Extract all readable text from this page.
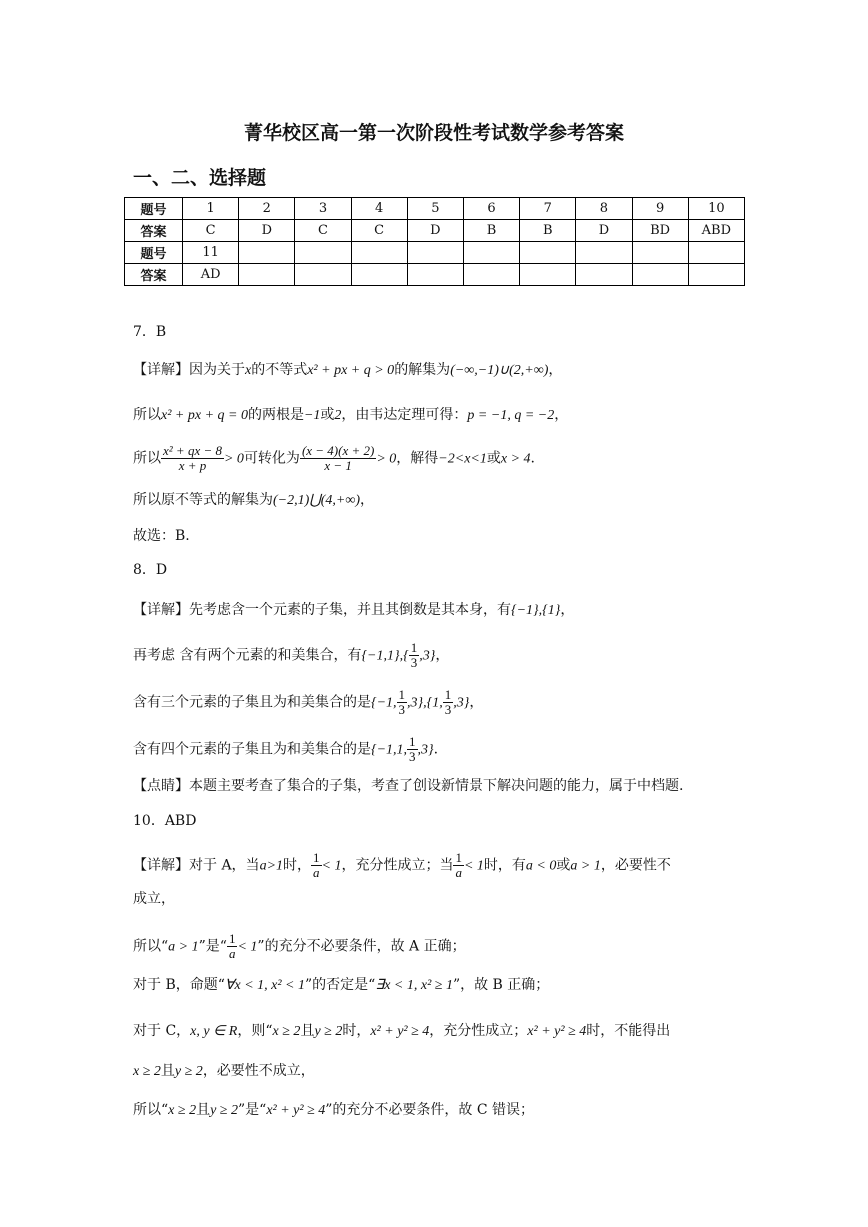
菁华校区高一第一次阶段性考试数学参考答案
一、二、选择题
题号	1	2	3	4	5	6	7	8	9	10
答案	C	D	C	C	D	B	B	D	BD	ABD
题号	11									
答案	AD									
7．B
【详解】因为关于x的不等式x² + px + q > 0的解集为(−∞,−1)∪(2,+∞)，
所以x² + px + q = 0的两根是−1或2，由韦达定理可得：p = −1, q = −2，
所以 $\frac{\text{x² + qx − 8}}{x + p} > 0$可转化为 $\frac{(x - 4)(x + 2)}{x - 1} > 0$，解得−2<x<1或x > 4.
所以原不等式的解集为(−2,1)⋃(4,+∞)，
故选：B.
8．D
【详解】先考虑含一个元素的子集，并且其倒数是其本身，有{−1},{1}，
再考虑 含有两个元素的和美集合，有$\{-1,1\},\{ \frac{1}{3} ,3\}$，
含有三个元素的子集且为和美集合的是{−1, $\frac{1}{3} ,3\},\{1$, $\frac{1}{3} ,3$}，
含有四个元素的子集且为和美集合的是{−1,1, $\frac{1}{3} ,3$}.
【点睛】本题主要考查了集合的子集，考查了创设新情景下解决问题的能力，属于中档题.
10．ABD
【详解】对于 A，当a>1时， $\frac{1}{a} < 1$，充分性成立；当 $\frac{1}{a} < 1$时，有a < 0或a > 1，必要性不
成立，
所以“a > 1”是“ $\frac{1}{a} < 1$”的充分不必要条件，故 A 正确；
对于 B，命题“∀x < 1, x² < 1”的否定是“∃x < 1, x² ≥ 1”，故 B 正确；
对于 C，x, y ∈ R，则“x ≥ 2且y ≥ 2时，x² + y² ≥ 4，充分性成立；x² + y² ≥ 4时，不能得出
x ≥ 2且y ≥ 2，必要性不成立，
所以“x ≥ 2且y ≥ 2”是“x² + y² ≥ 4”的充分不必要条件，故 C 错误；
